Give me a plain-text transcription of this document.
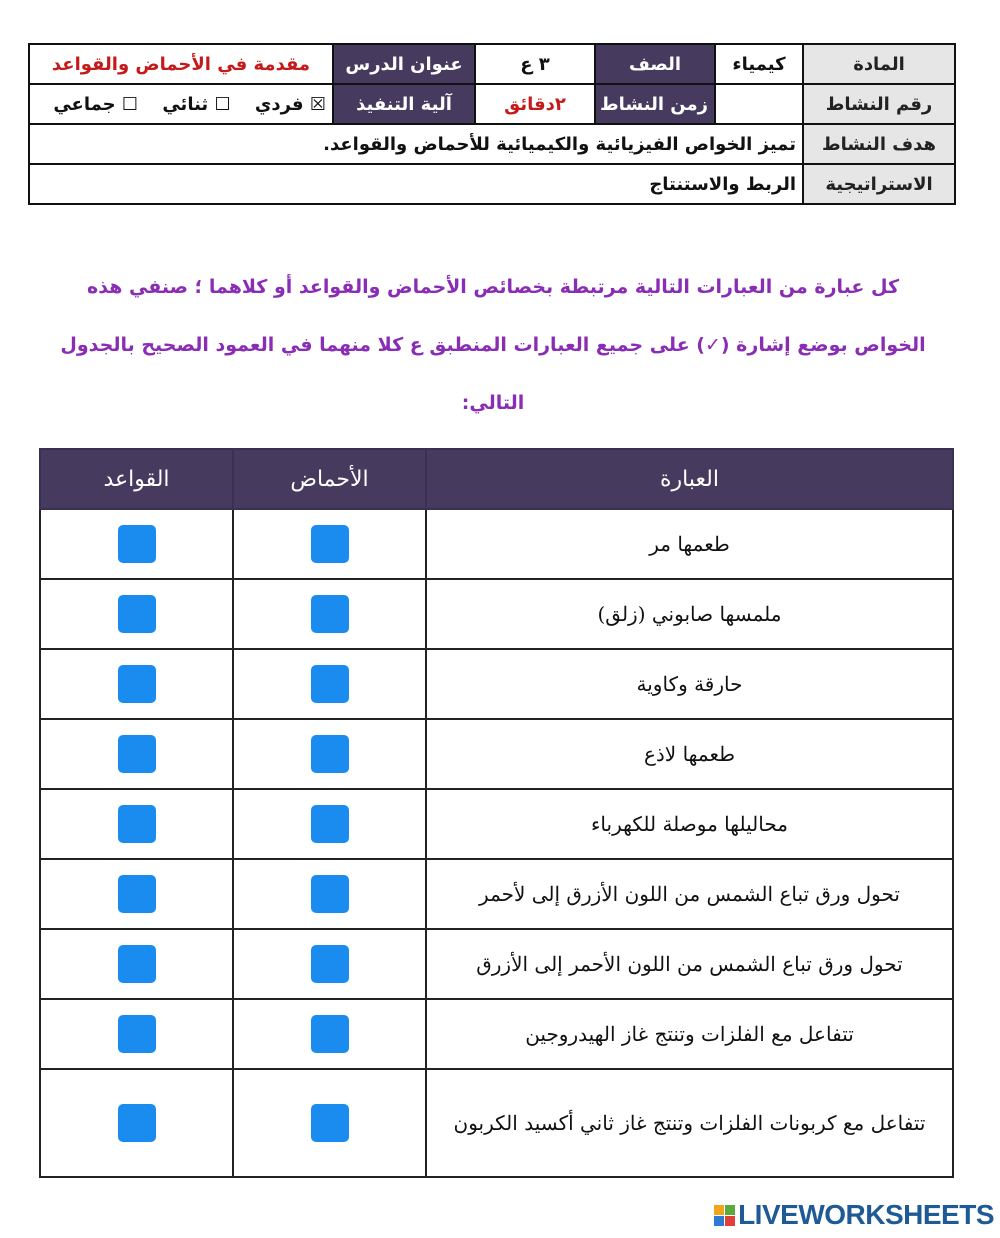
المادة	كيمياء	الصف	٣ ع	عنوان الدرس	مقدمة في الأحماض والقواعد
رقم النشاط		زمن النشاط	٢دقائق	آلية التنفيذ	☒ فردي ☐ ثنائي ☐ جماعي
هدف النشاط	تميز الخواص الفيزيائية والكيميائية للأحماض والقواعد.				
الاستراتيجية	الربط والاستنتاج				
كل عبارة من العبارات التالية مرتبطة بخصائص الأحماض والقواعد أو كلاهما ؛ صنفي هذه
الخواص بوضع إشارة (✓) على جميع العبارات المنطبق ع كلا منهما في العمود الصحيح بالجدول
التالي:
العبارة	الأحماض	القواعد
طعمها مر		
ملمسها صابوني (زلق)		
حارقة وكاوية		
طعمها لاذع		
محاليلها موصلة للكهرباء		
تحول ورق تباع الشمس من اللون الأزرق إلى لأحمر		
تحول ورق تباع الشمس من اللون الأحمر إلى الأزرق		
تتفاعل مع الفلزات وتنتج غاز الهيدروجين		
تتفاعل مع كربونات الفلزات وتنتج غاز ثاني أكسيد الكربون		
LIVEWORKSHEETS
